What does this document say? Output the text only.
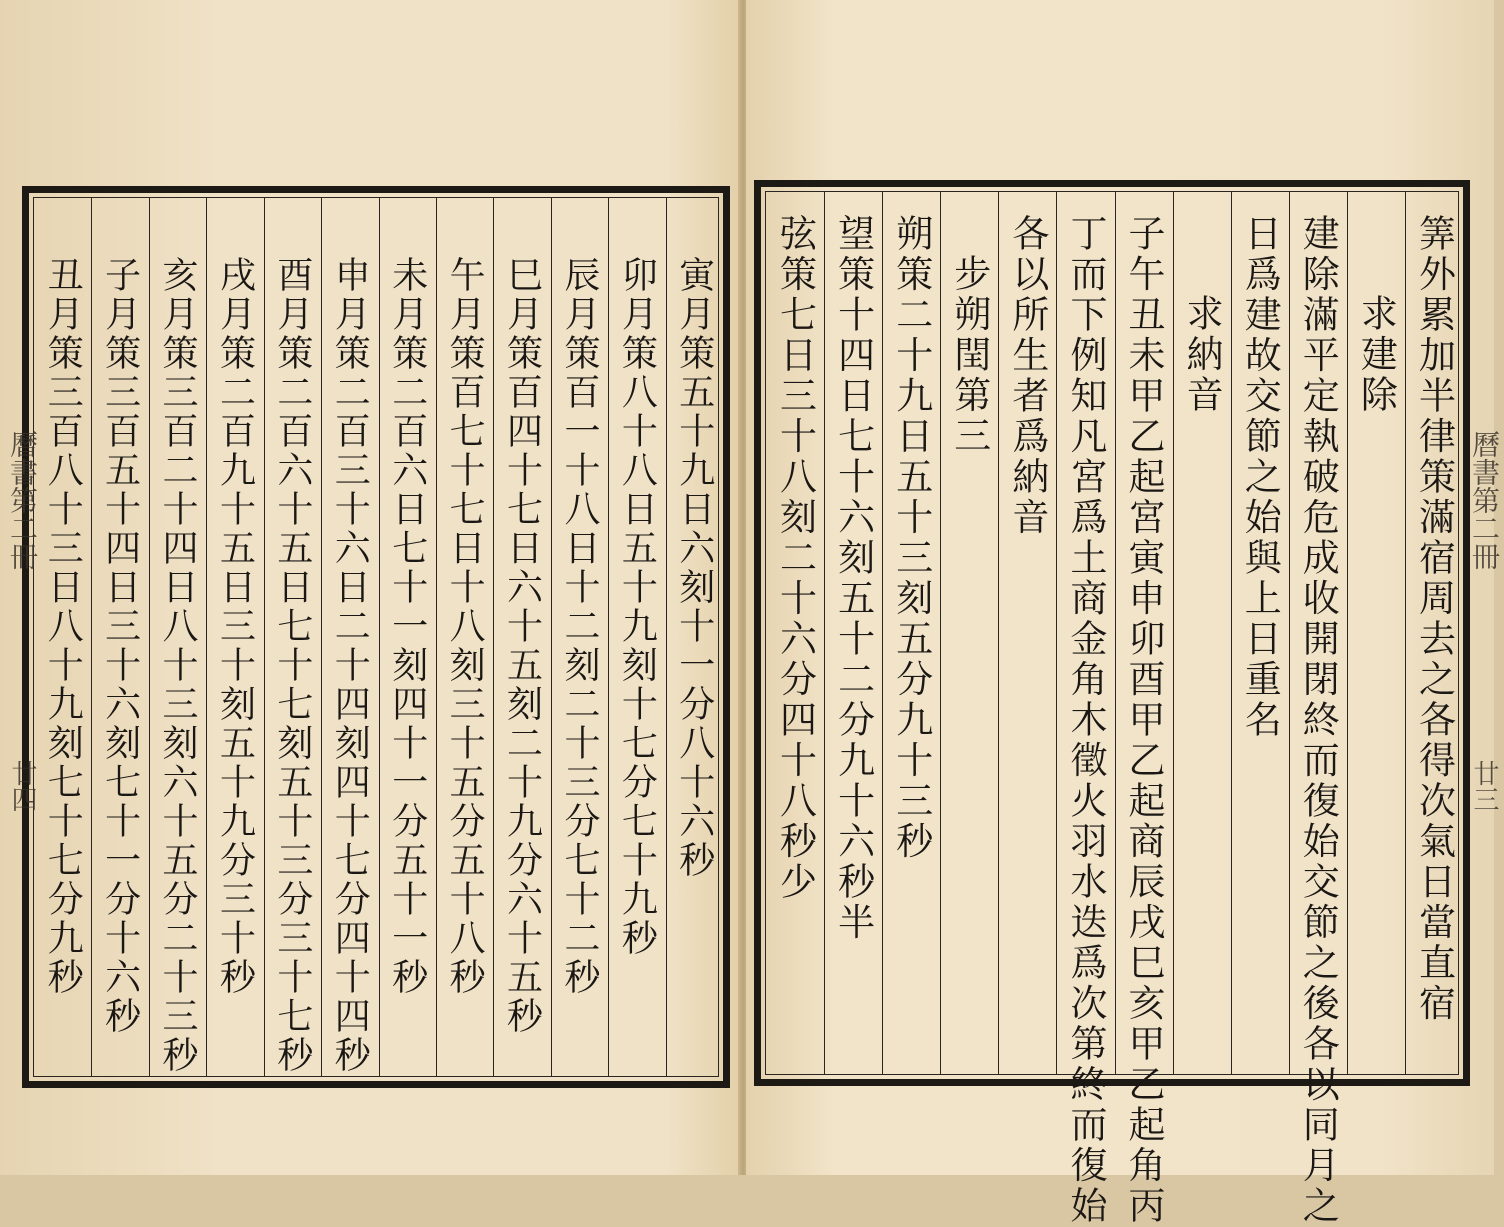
寅月策五十九日六刻十一分八十六秒
卯月策八十八日五十九刻十七分七十九秒
辰月策百一十八日十二刻二十三分七十二秒
巳月策百四十七日六十五刻二十九分六十五秒
午月策百七十七日十八刻三十五分五十八秒
未月策二百六日七十一刻四十一分五十一秒
申月策二百三十六日二十四刻四十七分四十四秒
酉月策二百六十五日七十七刻五十三分三十七秒
戌月策二百九十五日三十刻五十九分三十秒
亥月策三百二十四日八十三刻六十五分二十三秒
子月策三百五十四日三十六刻七十一分十六秒
丑月策三百八十三日八十九刻七十七分九秒
曆書第二冊
廿四	筭外累加半律策滿宿周去之各得次氣日當直宿
求建除
建除滿平定執破危成收開閉終而復始交節之後各以同月之
日爲建故交節之始與上日重名
求納音
子午丑未甲乙起宮寅申卯酉甲乙起商辰戌巳亥甲乙起角丙
丁而下例知凡宮爲土商金角木徵火羽水迭爲次第終而復始
各以所生者爲納音
步朔閏第三
朔策二十九日五十三刻五分九十三秒
望策十四日七十六刻五十二分九十六秒半
弦策七日三十八刻二十六分四十八秒少	曆書第二冊
廿三
